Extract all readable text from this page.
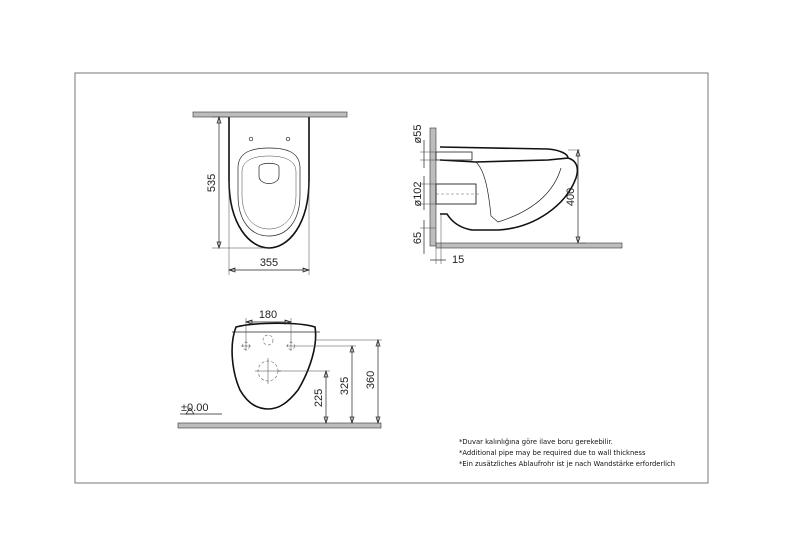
535
355
ø55
ø102
65
400
15
180
±0.00
225
325 360
*Duvar kalınlığına göre ilave boru gerekebilir.
*Additional pipe may be required due to wall thickness
*Ein zusätzliches Ablaufrohr ist je nach Wandstärke erforderlich
